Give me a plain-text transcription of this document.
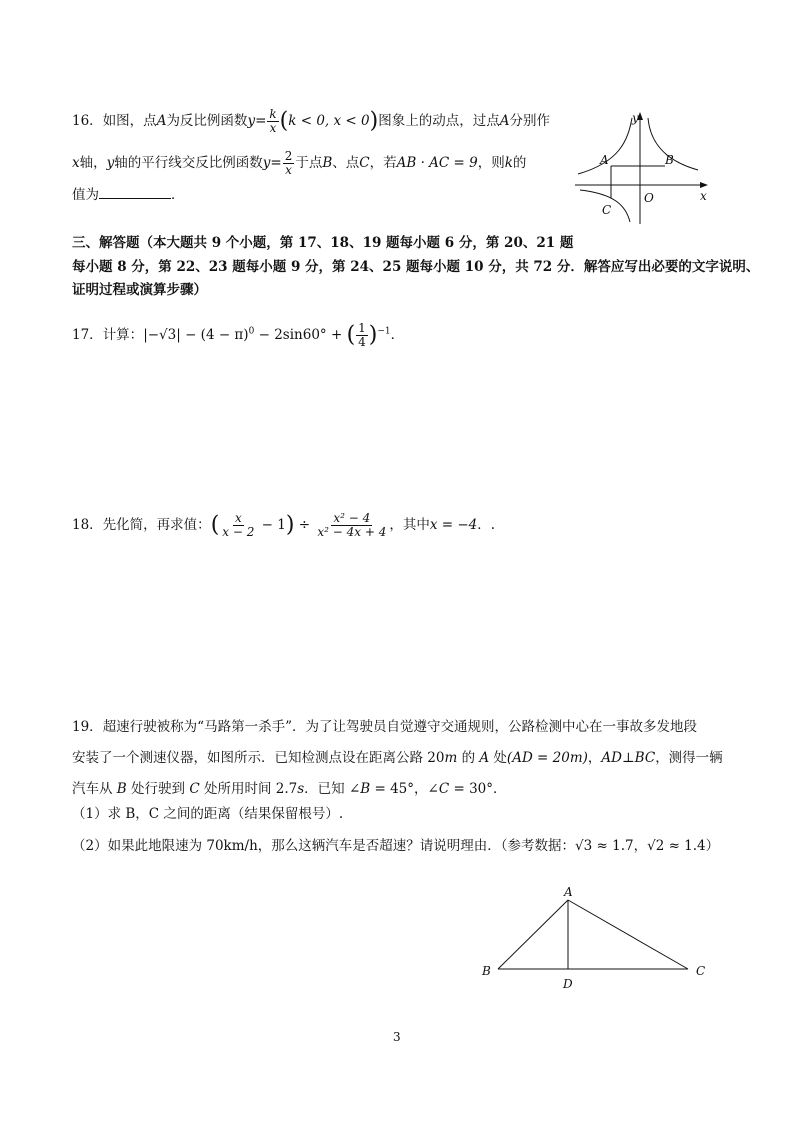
16．如图，点A为反比例函数$y= \frac{k}{x} (k < 0$, x < 0)图象上的动点，过点A分别作
x轴，y轴的平行线交反比例函数$y= \frac{2}{x}$ 于点B、点C，若AB · AC = 9，则k的
值为	．
y
x
A	B
C
O
三、解答题（本大题共 9 个小题，第 17、18、19 题每小题 6 分，第 20、21 题
每小题 8 分，第 22、23 题每小题 9 分，第 24、25 题每小题 10 分，共 72 分．解答应写出必要的文字说明、
证明过程或演算步骤）
17．计算：$|-√3| - (4 - \pi)^0 - 2\sin 60^\circ$ + ( $\frac{1}{4} )^{-1}$．
18．先化简，再求值：( $\frac{x}{x - 2} - 1) \div \frac{\text{x² − 4}}{\text{x² − 4x + 4}}$ ，其中x = −4．.
19．超速行驶被称为“马路第一杀手”．为了让驾驶员自觉遵守交通规则，公路检测中心在一事故多发地段
安装了一个测速仪器，如图所示．已知检测点设在距离公路 20m 的 A 处(AD = 20m)，AD⊥BC，测得一辆
汽车从 B 处行驶到 C 处所用时间 2.7s．已知 ∠B = 45°，∠C = 30°．
（1）求 B，C 之间的距离（结果保留根号）.
（2）如果此地限速为 70km/h，那么这辆汽车是否超速？请说明理由．（参考数据：√3 ≈ 1.7，√2 ≈ 1.4）
A
B	C
D
3
